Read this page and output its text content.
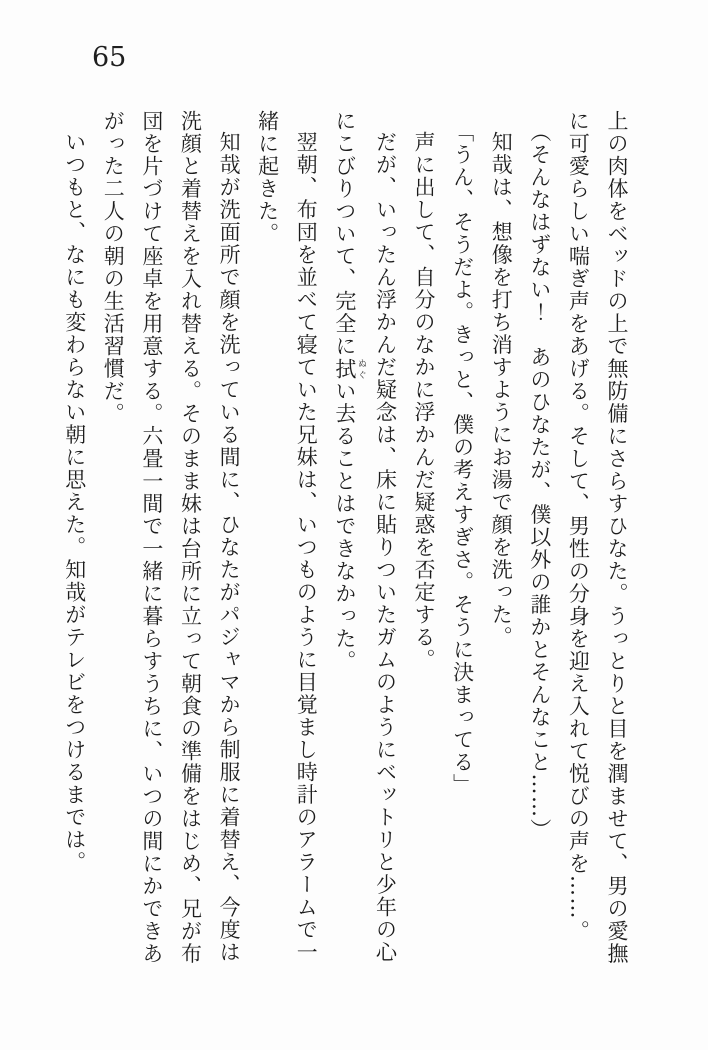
65

上の肉体をベッドの上で無防備にさらすひなた。うっとりと目を潤ませて、男の愛撫

に可愛らしい喘ぎ声をあげる。そして、男性の分身を迎え入れて悦びの声を……。

（そんなはずない！　あのひなたが、僕以外の誰かとそんなこと……）

知哉は、想像を打ち消すようにお湯で顔を洗った。

「うん、そうだよ。きっと、僕の考えすぎさ。そうに決まってる」

声に出して、自分のなかに浮かんだ疑惑を否定する。

だが、いったん浮かんだ疑念は、床に貼りついたガムのようにベットリと少年の心

にこびりついて、完全に拭 ぬぐい去ることはできなかった。

翌朝、布団を並べて寝ていた兄妹は、いつものように目覚まし時計のアラームで一

緒に起きた。

知哉が洗面所で顔を洗っている間に、ひなたがパジャマから制服に着替え、今度は

洗顔と着替えを入れ替える。そのまま妹は台所に立って朝食の準備をはじめ、兄が布

団を片づけて座卓を用意する。六畳一間で一緒に暮らすうちに、いつの間にかできあ

がった二人の朝の生活習慣だ。

いつもと、なにも変わらない朝に思えた。知哉がテレビをつけるまでは。
